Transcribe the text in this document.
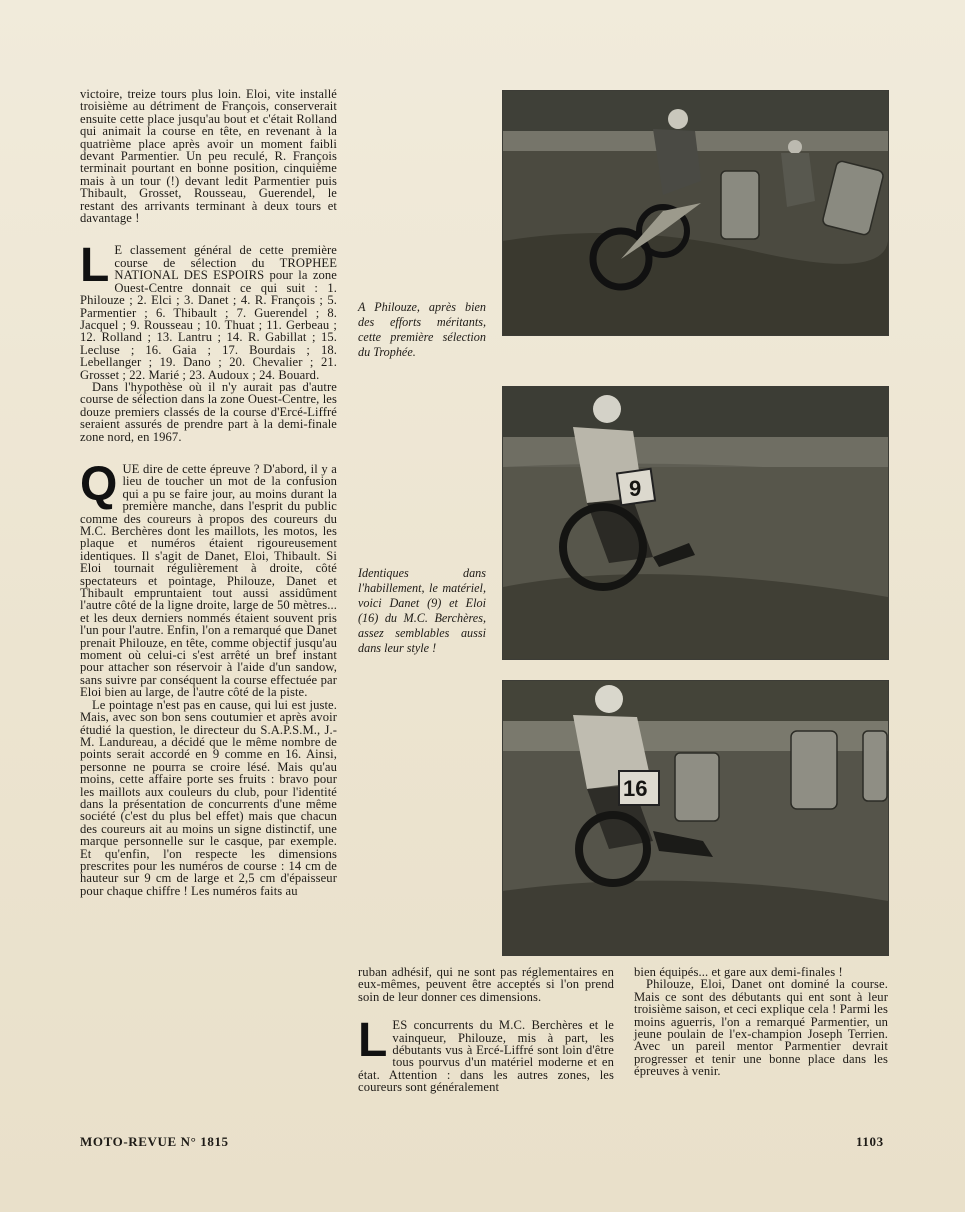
victoire, treize tours plus loin. Eloi, vite installé troisième au détriment de François, conserverait ensuite cette place jusqu'au bout et c'était Rolland qui animait la course en tête, en revenant à la quatrième place après avoir un moment faibli devant Parmentier. Un peu reculé, R. François terminait pourtant en bonne position, cinquième mais à un tour (!) devant ledit Parmentier puis Thibault, Grosset, Rousseau, Guerendel, le restant des arrivants terminant à deux tours et davantage !

L E classement général de cette première course de sélection du TROPHEE NATIONAL DES ESPOIRS pour la zone Ouest-Centre donnait ce qui suit : 1. Philouze ; 2. Elci ; 3. Danet ; 4. R. François ; 5. Parmentier ; 6. Thibault ; 7. Guerendel ; 8. Jacquel ; 9. Rousseau ; 10. Thuat ; 11. Gerbeau ; 12. Rolland ; 13. Lantru ; 14. R. Gabillat ; 15. Lecluse ; 16. Gaia ; 17. Bourdais ; 18. Lebellanger ; 19. Dano ; 20. Chevalier ; 21. Grosset ; 22. Marié ; 23. Audoux ; 24. Bouard.

Dans l'hypothèse où il n'y aurait pas d'autre course de sélection dans la zone Ouest-Centre, les douze premiers classés de la course d'Ercé-Liffré seraient assurés de prendre part à la demi-finale zone nord, en 1967.

QUE dire de cette épreuve ? D'abord, il y a lieu de toucher un mot de la confusion qui a pu se faire jour, au moins durant la première manche, dans l'esprit du public comme des coureurs à propos des coureurs du M.C. Berchères dont les maillots, les motos, les plaque et numéros étaient rigoureusement identiques. Il s'agit de Danet, Eloi, Thibault. Si Eloi tournait régulièrement à droite, côté spectateurs et pointage, Philouze, Danet et Thibault empruntaient tout aussi assidûment l'autre côté de la ligne droite, large de 50 mètres... et les deux derniers nommés étaient souvent pris l'un pour l'autre. Enfin, l'on a remarqué que Danet prenait Philouze, en tête, comme objectif jusqu'au moment où celui-ci s'est arrêté un bref instant pour attacher son réservoir à l'aide d'un sandow, sans suivre par conséquent la course effectuée par Eloi bien au large, de l'autre côté de la piste.

Le pointage n'est pas en cause, qui lui est juste. Mais, avec son bon sens coutumier et après avoir étudié la question, le directeur du S.A.P.S.M., J.-M. Landureau, a décidé que le même nombre de points serait accordé en 9 comme en 16. Ainsi, personne ne pourra se croire lésé. Mais qu'au moins, cette affaire porte ses fruits : bravo pour les maillots aux couleurs du club, pour l'identité dans la présentation de concurrents d'une même société (c'est du plus bel effet) mais que chacun des coureurs ait au moins un signe distinctif, une marque personnelle sur le casque, par exemple. Et qu'enfin, l'on respecte les dimensions prescrites pour les numéros de course : 14 cm de hauteur sur 9 cm de large et 2,5 cm d'épaisseur pour chaque chiffre ! Les numéros faits au

A Philouze, après bien des efforts méritants, cette première sélection du Trophée.
9
Identiques dans l'habillement, le matériel, voici Danet (9) et Eloi (16) du M.C. Berchères, assez semblables aussi dans leur style !
16

ruban adhésif, qui ne sont pas réglementaires en eux-mêmes, peuvent être acceptés si l'on prend soin de leur donner ces dimensions.

LES concurrents du M.C. Berchères et le vainqueur, Philouze, mis à part, les débutants vus à Ercé-Liffré sont loin d'être tous pourvus d'un matériel moderne et en état. Attention : dans les autres zones, les coureurs sont généralement

bien équipés... et gare aux demi-finales !

Philouze, Eloi, Danet ont dominé la course. Mais ce sont des débutants qui ent sont à leur troisième saison, et ceci explique cela ! Parmi les moins aguerris, l'on a remarqué Parmentier, un jeune poulain de l'ex-champion Joseph Terrien. Avec un pareil mentor Parmentier devrait progresser et tenir une bonne place dans les épreuves à venir.

MOTO-REVUE N° 1815	1103
